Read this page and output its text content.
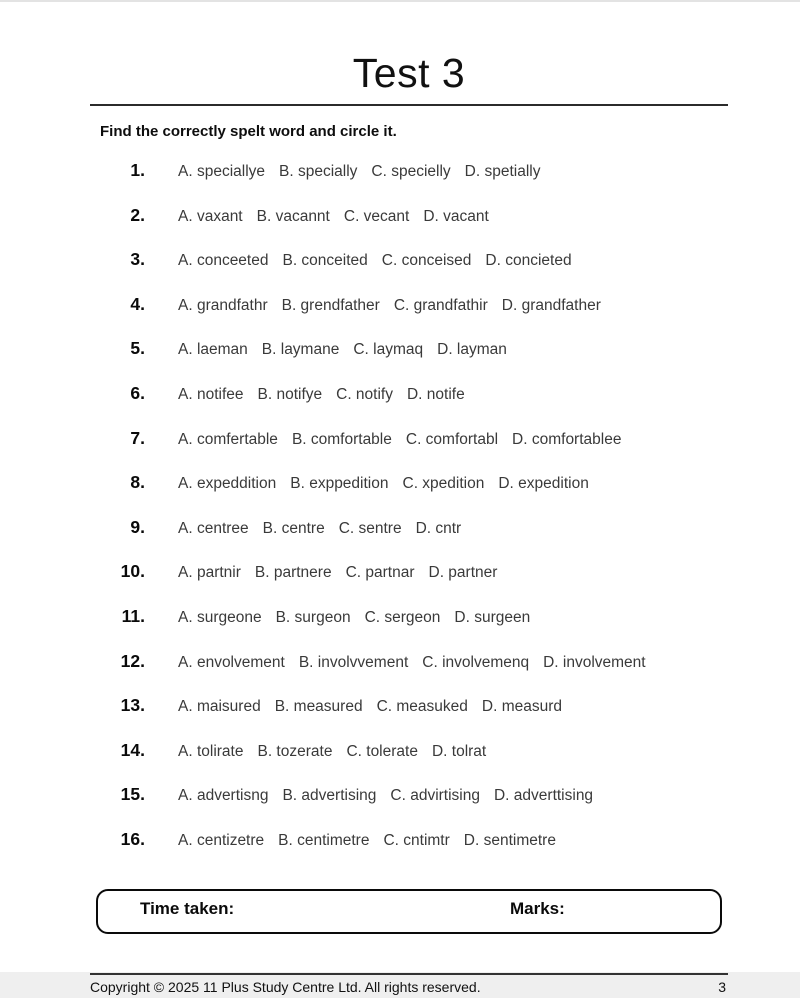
Test 3

Find the correctly spelt word and circle it.

1.	A. speciallye B. specially C. specielly D. spetially
2.	A. vaxant B. vacannt C. vecant D. vacant
3.	A. conceeted B. conceited C. conceised D. concieted
4.	A. grandfathr B. grendfather C. grandfathir D. grandfather
5.	A. laeman B. laymane C. laymaq D. layman
6.	A. notifee B. notifye C. notify D. notife
7.	A. comfertable B. comfortable C. comfortabl D. comfortablee
8.	A. expeddition B. exppedition C. xpedition D. expedition
9.	A. centree B. centre C. sentre D. cntr
10.	A. partnir B. partnere C. partnar D. partner
11.	A. surgeone B. surgeon C. sergeon D. surgeen
12.	A. envolvement B. involvvement C. involvemenq D. involvement
13.	A. maisured B. measured C. measuked D. measurd
14.	A. tolirate B. tozerate C. tolerate D. tolrat
15.	A. advertisng B. advertising C. advirtising D. adverttising
16.	A. centizetre B. centimetre C. cntimtr D. sentimetre
Time taken:	Marks:
Copyright © 2025 11 Plus Study Centre Ltd. All rights reserved.	3
